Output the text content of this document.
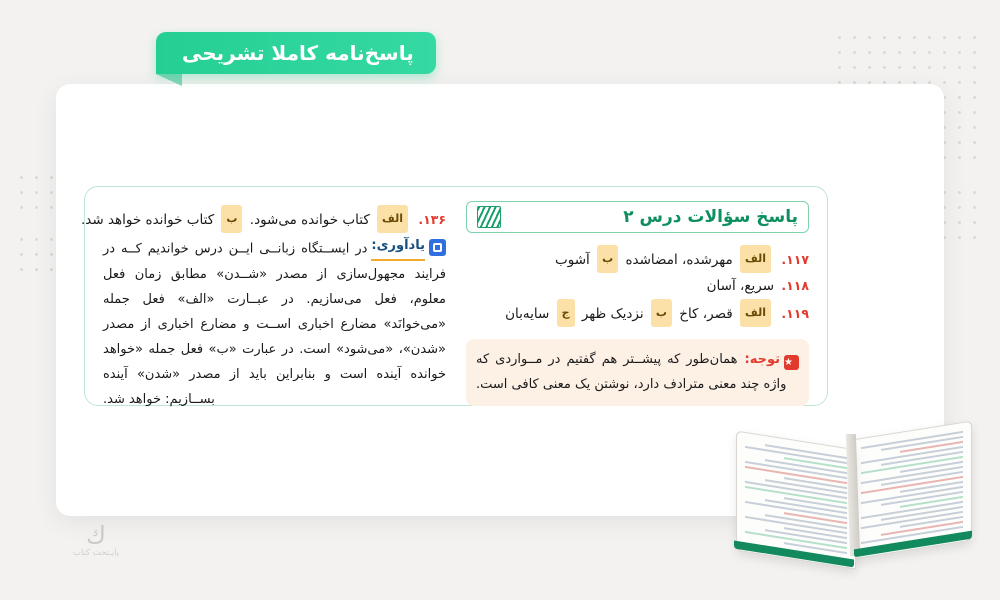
پاسخ‌نامه کاملا تشریحی
پاسخ سؤالات درس ۲
۱۱۷. الف مهرشده، امضاشده ب آشوب
۱۱۸. سریع، آسان
۱۱۹. الف قصر، کاخ ب نزدیک ظهر ج سایه‌بان
★توجه: همان‌طور که پیشــتر هم گفتیم در مــواردی که واژه چند معنی مترادف دارد، نوشتن یک معنی کافی است.
۱۳۶. الف کتاب خوانده می‌شود. ب کتاب خوانده خواهد شد.
یادآوری:
در ایســتگاه زبانــی ایــن درس خواندیم کــه در فرایند مجهول‌سازی از مصدر «شــدن» مطابق زمان فعل معلوم، فعل می‌سازیم. در عبــارت «الف» فعل جمله «می‌خوانَد» مضارع اخباری اســت و مضارع اخباری از مصدر «شدن»، «می‌شود» است. در عبارت «ب» فعل جمله «خواهد خوانده آینده است و بنابراین باید از مصدر «شدن» آینده بســازیم: خواهد شد.
ﻙ
پایـتخت کتاب
